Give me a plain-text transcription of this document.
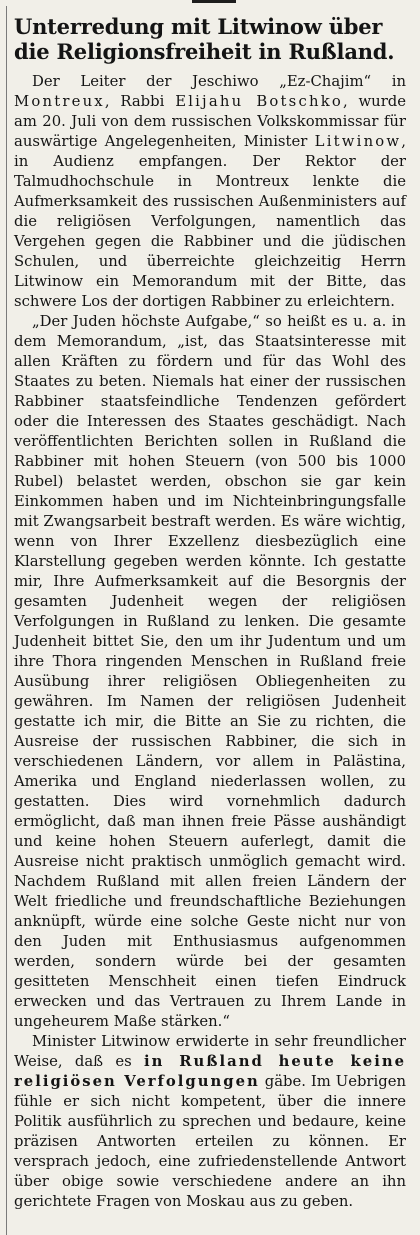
Unterredung mit Litwinow über
die Religionsfreiheit in Rußland.

Der Leiter der Jeschiwo „Ez-Chajim“ in Montreux, Rabbi Elijahu Botschko, wurde am 20. Juli von dem russischen Volkskommissar für auswärtige Angelegenheiten, Minister Litwinow, in Audienz empfangen. Der Rektor der Talmudhochschule in Montreux lenkte die Aufmerksamkeit des russischen Außenministers auf die religiösen Verfolgungen, namentlich das Vergehen gegen die Rabbiner und die jüdischen Schulen, und überreichte gleichzeitig Herrn Litwinow ein Memorandum mit der Bitte, das schwere Los der dortigen Rabbiner zu erleichtern.

„Der Juden höchste Aufgabe,“ so heißt es u. a. in dem Memorandum, „ist, das Staatsinteresse mit allen Kräften zu fördern und für das Wohl des Staates zu beten. Niemals hat einer der russischen Rabbiner staatsfeindliche Tendenzen gefördert oder die Interessen des Staates geschädigt. Nach veröffentlichten Berichten sollen in Rußland die Rabbiner mit hohen Steuern (von 500 bis 1000 Rubel) belastet werden, obschon sie gar kein Einkommen haben und im Nichteinbringungsfalle mit Zwangsarbeit bestraft werden. Es wäre wichtig, wenn von Ihrer Exzellenz diesbezüglich eine Klarstellung gegeben werden könnte. Ich gestatte mir, Ihre Aufmerksamkeit auf die Besorgnis der gesamten Judenheit wegen der religiösen Verfolgungen in Rußland zu lenken. Die gesamte Judenheit bittet Sie, den um ihr Judentum und um ihre Thora ringenden Menschen in Rußland freie Ausübung ihrer religiösen Obliegenheiten zu gewähren. Im Namen der religiösen Judenheit gestatte ich mir, die Bitte an Sie zu richten, die Ausreise der russischen Rabbiner, die sich in verschiedenen Ländern, vor allem in Palästina, Amerika und England niederlassen wollen, zu gestatten. Dies wird vornehmlich dadurch ermöglicht, daß man ihnen freie Pässe aushändigt und keine hohen Steuern auferlegt, damit die Ausreise nicht praktisch unmöglich gemacht wird. Nachdem Rußland mit allen freien Ländern der Welt friedliche und freundschaftliche Beziehungen anknüpft, würde eine solche Geste nicht nur von den Juden mit Enthusiasmus aufgenommen werden, sondern würde bei der gesamten gesitteten Menschheit einen tiefen Eindruck erwecken und das Vertrauen zu Ihrem Lande in ungeheurem Maße stärken.“

Minister Litwinow erwiderte in sehr freundlicher Weise, daß es in Rußland heute keine religiösen Verfolgungen gäbe. Im Uebrigen fühle er sich nicht kompetent, über die innere Politik ausführlich zu sprechen und bedaure, keine präzisen Antworten erteilen zu können. Er versprach jedoch, eine zufriedenstellende Antwort über obige sowie verschiedene andere an ihn gerichtete Fragen von Moskau aus zu geben.
